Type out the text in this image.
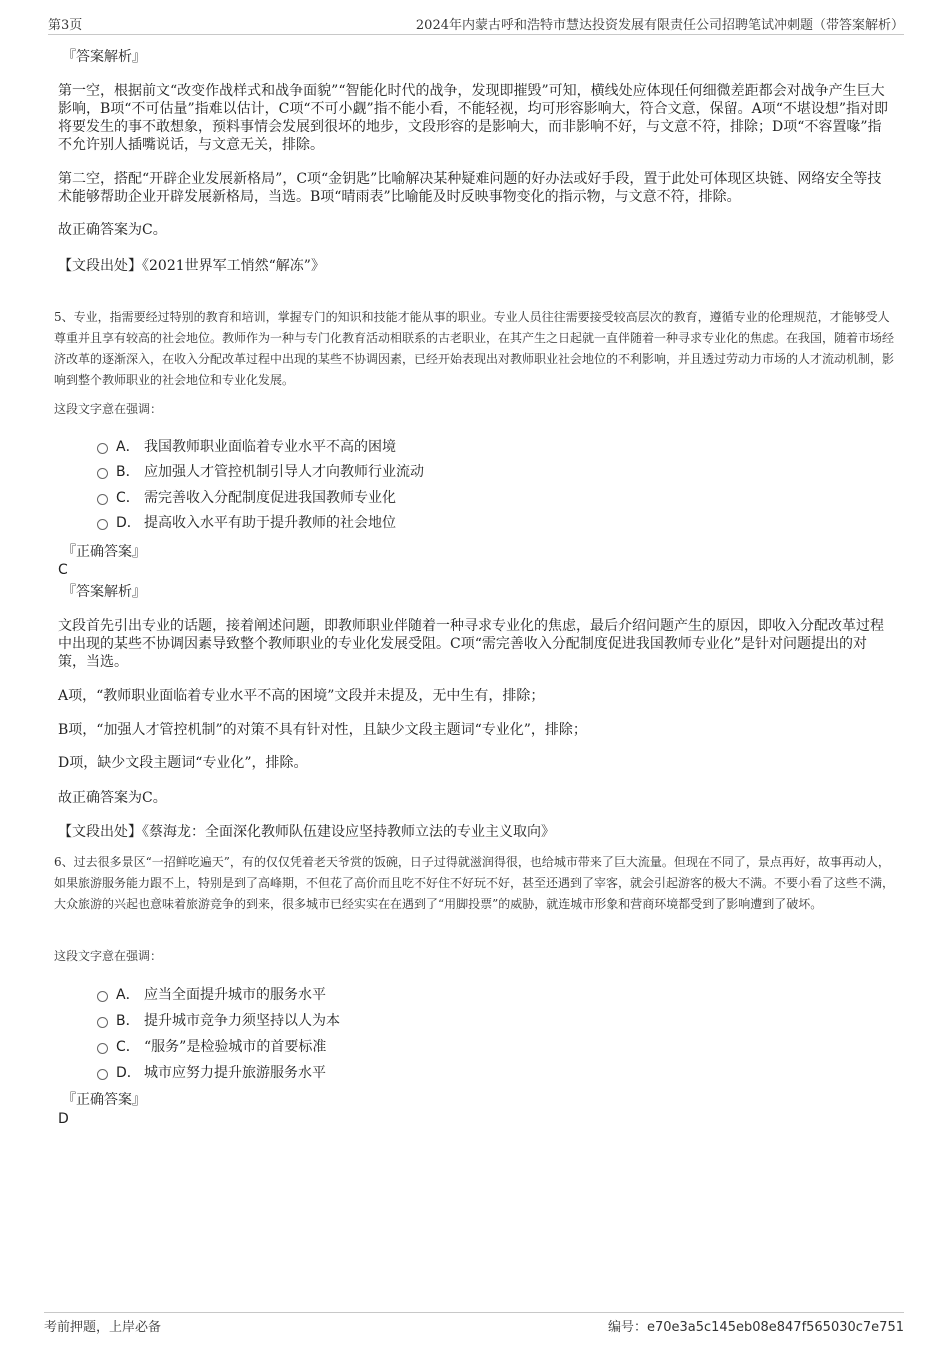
第3页	2024年内蒙古呼和浩特市慧达投资发展有限责任公司招聘笔试冲刺题（带答案解析）
『答案解析』
第一空，根据前文“改变作战样式和战争面貌”“智能化时代的战争，发现即摧毁”可知，横线处应体现任何细微差距都会对战争产生巨大影响，B项“不可估量”指难以估计，C项“不可小觑”指不能小看，不能轻视，均可形容影响大，符合文意，保留。A项“不堪设想”指对即将要发生的事不敢想象，预料事情会发展到很坏的地步，文段形容的是影响大，而非影响不好，与文意不符，排除；D项“不容置喙”指不允许别人插嘴说话，与文意无关，排除。
第二空，搭配“开辟企业发展新格局”，C项“金钥匙”比喻解决某种疑难问题的好办法或好手段，置于此处可体现区块链、网络安全等技术能够帮助企业开辟发展新格局，当选。B项“晴雨表”比喻能及时反映事物变化的指示物，与文意不符，排除。
故正确答案为C。
【文段出处】《2021世界军工悄然“解冻”》
5、专业，指需要经过特别的教育和培训，掌握专门的知识和技能才能从事的职业。专业人员往往需要接受较高层次的教育，遵循专业的伦理规范，才能够受人尊重并且享有较高的社会地位。教师作为一种与专门化教育活动相联系的古老职业，在其产生之日起就一直伴随着一种寻求专业化的焦虑。在我国，随着市场经济改革的逐渐深入，在收入分配改革过程中出现的某些不协调因素，已经开始表现出对教师职业社会地位的不利影响，并且透过劳动力市场的人才流动机制，影响到整个教师职业的社会地位和专业化发展。
这段文字意在强调：
A． 我国教师职业面临着专业水平不高的困境
B． 应加强人才管控机制引导人才向教师行业流动
C． 需完善收入分配制度促进我国教师专业化
D． 提高收入水平有助于提升教师的社会地位
『正确答案』
C
『答案解析』
文段首先引出专业的话题，接着阐述问题，即教师职业伴随着一种寻求专业化的焦虑，最后介绍问题产生的原因，即收入分配改革过程中出现的某些不协调因素导致整个教师职业的专业化发展受阻。C项“需完善收入分配制度促进我国教师专业化”是针对问题提出的对策，当选。
A项，“教师职业面临着专业水平不高的困境”文段并未提及，无中生有，排除；
B项，“加强人才管控机制”的对策不具有针对性，且缺少文段主题词“专业化”，排除；
D项，缺少文段主题词“专业化”，排除。
故正确答案为C。
【文段出处】《蔡海龙：全面深化教师队伍建设应坚持教师立法的专业主义取向》
6、过去很多景区“一招鲜吃遍天”，有的仅仅凭着老天爷赏的饭碗，日子过得就滋润得很，也给城市带来了巨大流量。但现在不同了，景点再好，故事再动人，如果旅游服务能力跟不上，特别是到了高峰期，不但花了高价而且吃不好住不好玩不好，甚至还遇到了宰客，就会引起游客的极大不满。不要小看了这些不满，大众旅游的兴起也意味着旅游竞争的到来，很多城市已经实实在在遇到了“用脚投票”的威胁，就连城市形象和营商环境都受到了影响遭到了破坏。
这段文字意在强调：
A． 应当全面提升城市的服务水平
B． 提升城市竞争力须坚持以人为本
C． “服务”是检验城市的首要标准
D． 城市应努力提升旅游服务水平
『正确答案』
D
考前押题，上岸必备	编号：e70e3a5c145eb08e847f565030c7e751
